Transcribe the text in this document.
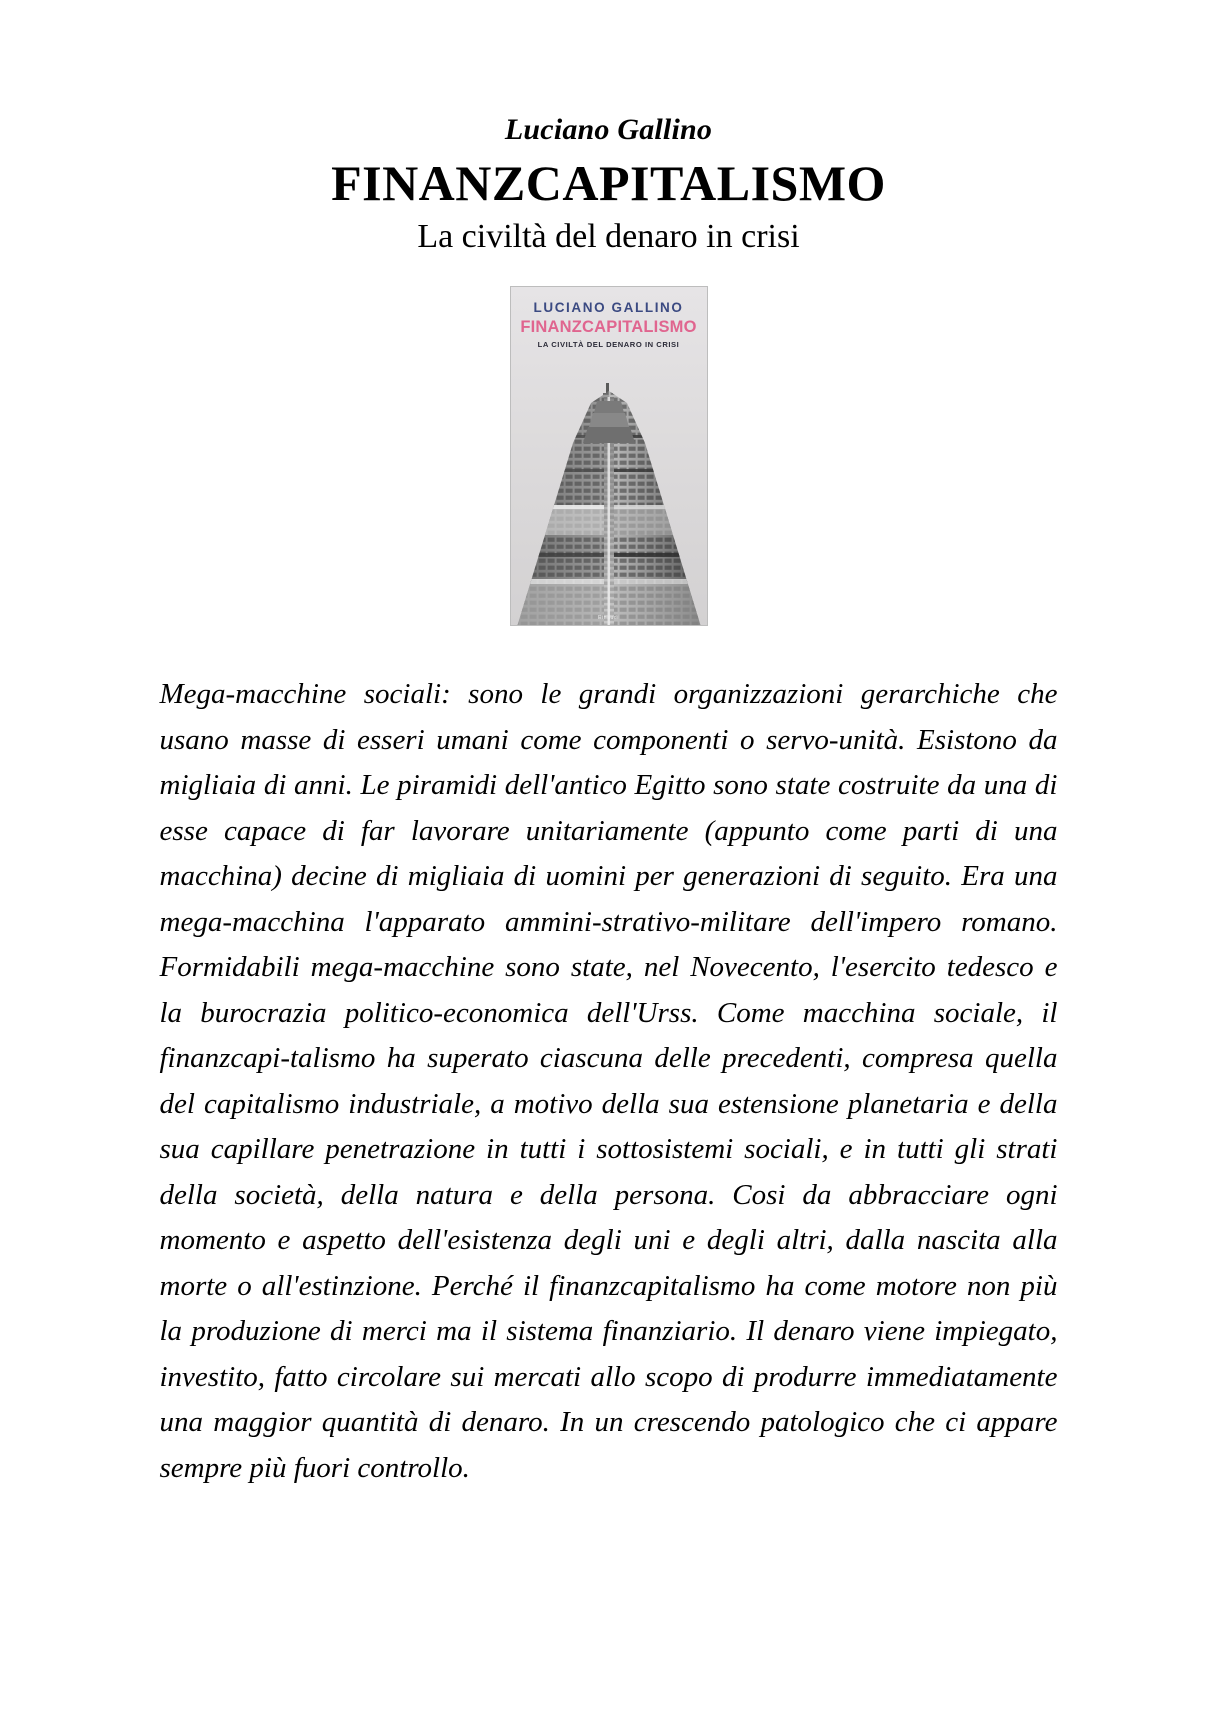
Luciano Gallino
FINANZCAPITALISMO
La civiltà del denaro in crisi
LUCIANO GALLINO
FINANZCAPITALISMO
LA CIVILTÀ DEL DENARO IN CRISI
Einaudi
Mega-macchine sociali: sono le grandi organizzazioni gerarchiche che usano masse di esseri umani come componenti o servo-unità. Esistono da migliaia di anni. Le piramidi dell'antico Egitto sono state costruite da una di esse capace di far lavorare unitariamente (appunto come parti di una macchina) decine di migliaia di uomini per generazioni di seguito. Era una mega-macchina l'apparato ammini-strativo-militare dell'impero romano. Formidabili mega-macchine sono state, nel Novecento, l'esercito tedesco e la burocrazia politico-economica dell'Urss. Come macchina sociale, il finanzcapi-talismo ha superato ciascuna delle precedenti, compresa quella del capitalismo industriale, a motivo della sua estensione planetaria e della sua capillare penetrazione in tutti i sottosistemi sociali, e in tutti gli strati della società, della natura e della persona. Cosi da abbracciare ogni momento e aspetto dell'esistenza degli uni e degli altri, dalla nascita alla morte o all'estinzione. Perché il finanzcapitalismo ha come motore non più la produzione di merci ma il sistema finanziario. Il denaro viene impiegato, investito, fatto circolare sui mercati allo scopo di produrre immediatamente una maggior quantità di denaro. In un crescendo patologico che ci appare sempre più fuori controllo.
